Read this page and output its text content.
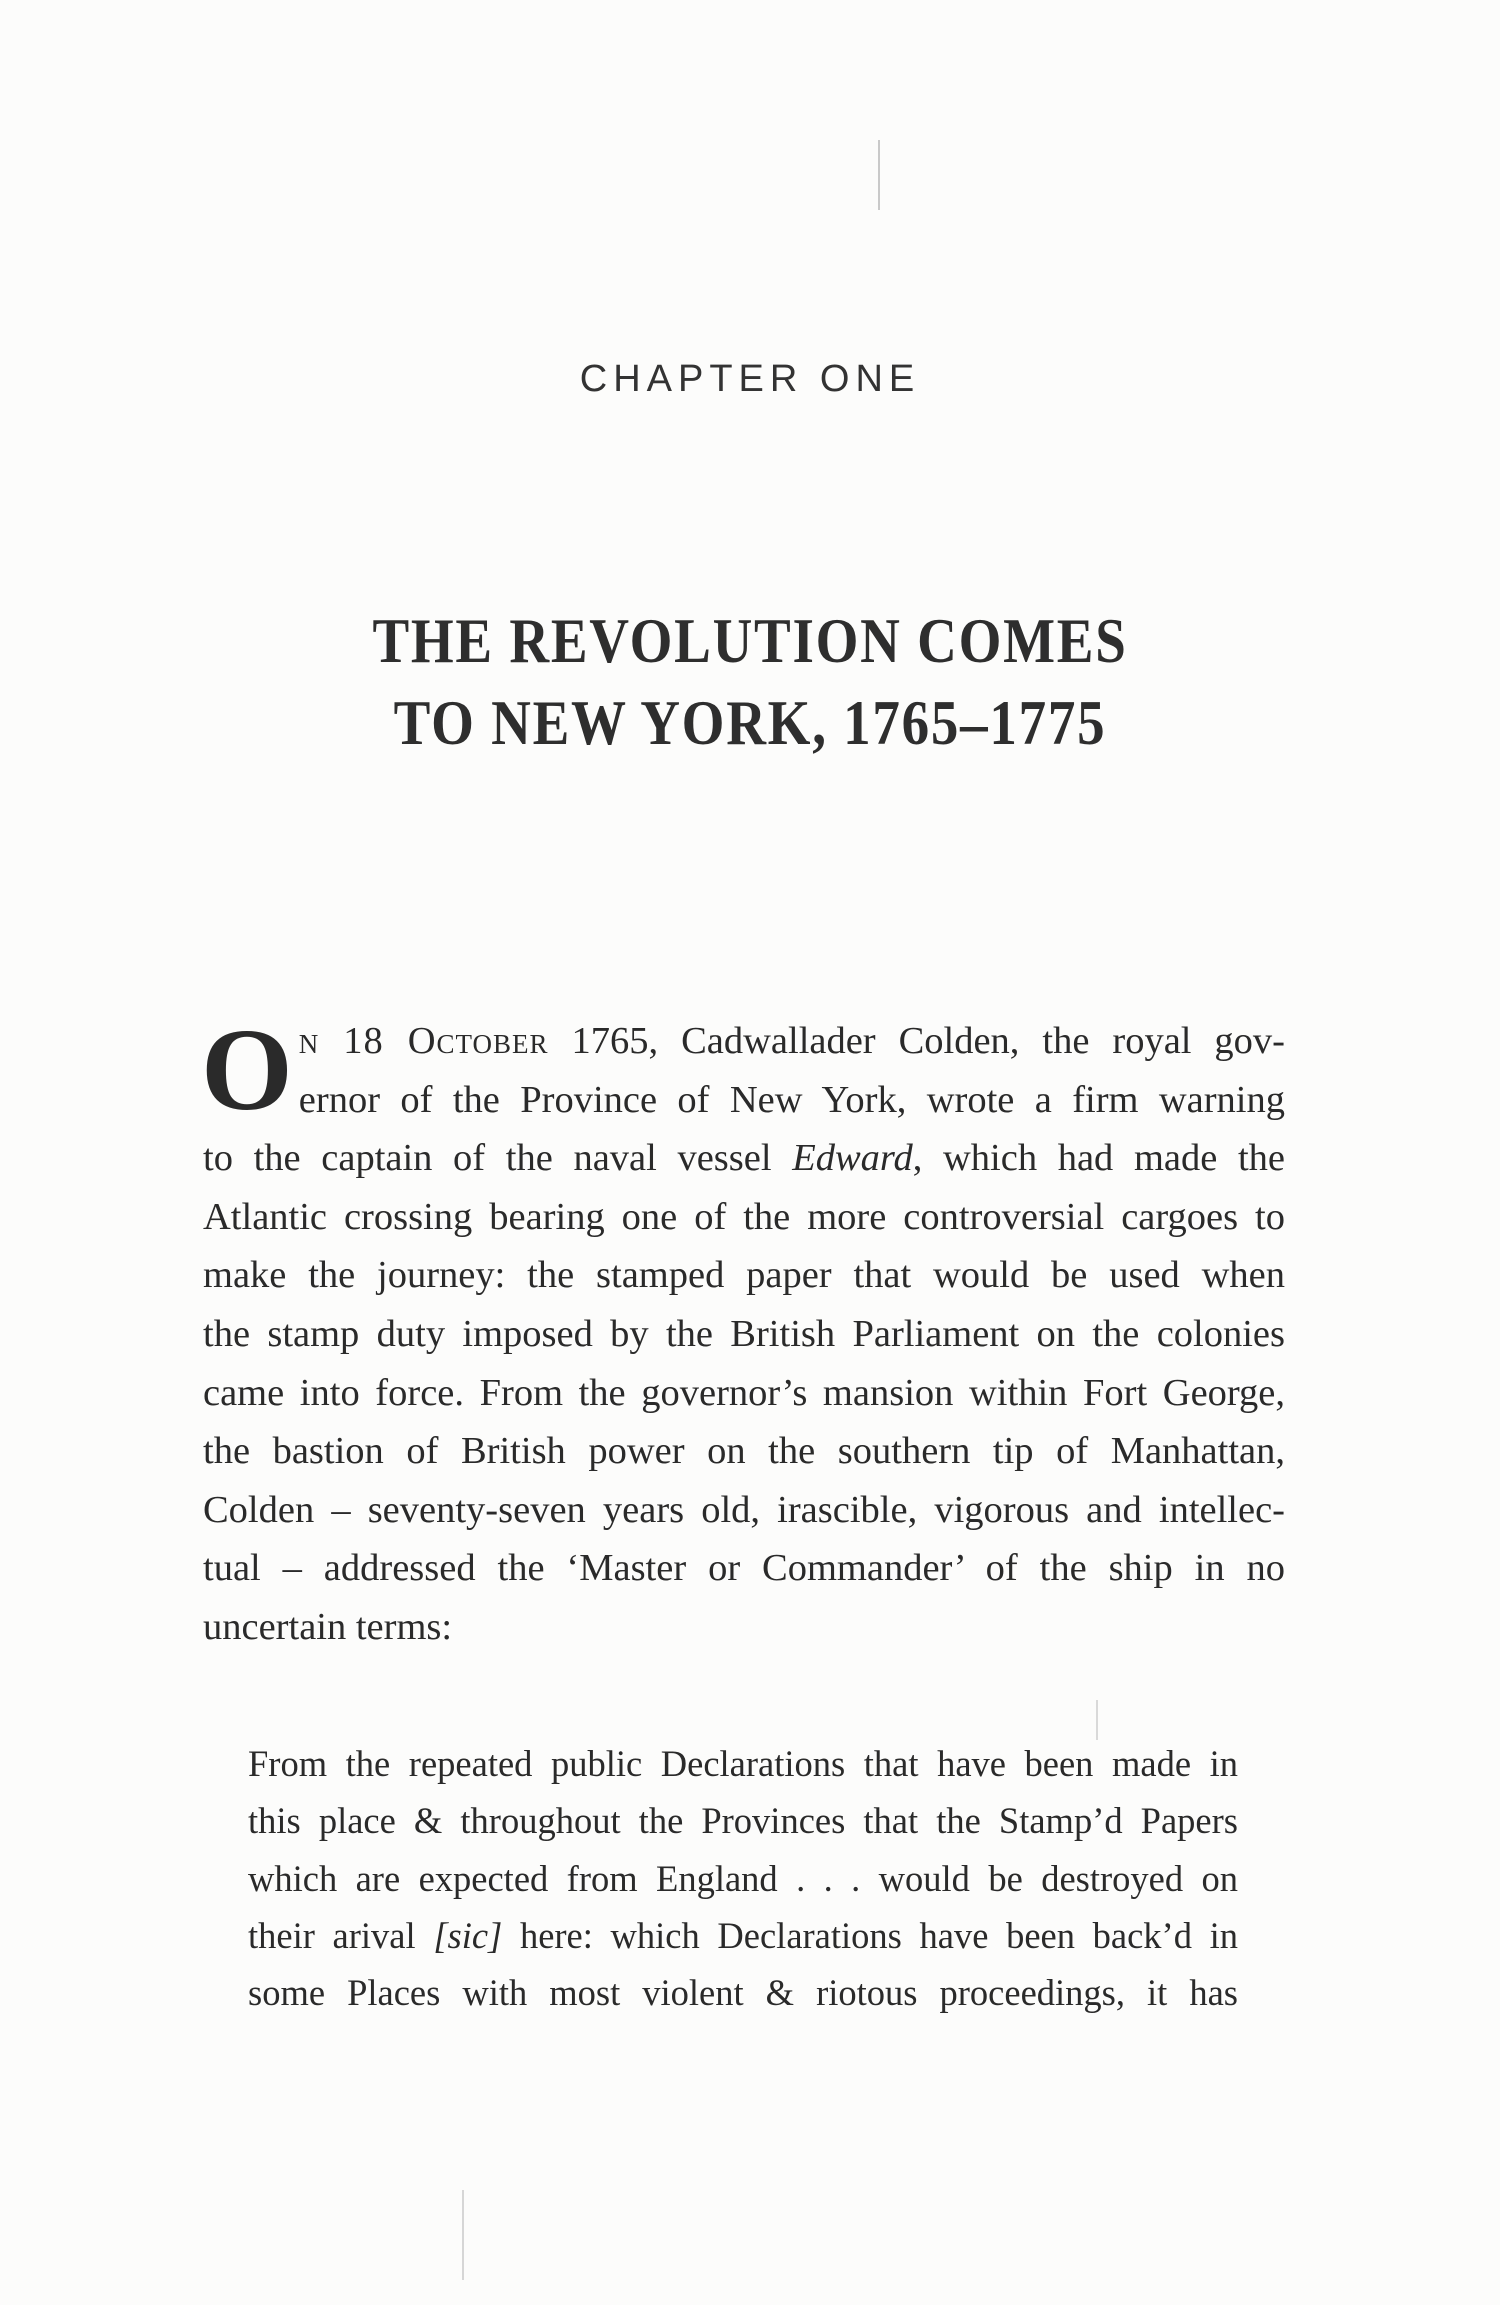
CHAPTER ONE
THE REVOLUTION COMES
TO NEW YORK, 1765–1775
O n 18 October 1765, Cadwallader Colden, the royal gov-
ernor of the Province of New York, wrote a firm warning
to the captain of the naval vessel Edward, which had made the
Atlantic crossing bearing one of the more controversial cargoes to
make the journey: the stamped paper that would be used when
the stamp duty imposed by the British Parliament on the colonies
came into force. From the governor’s mansion within Fort George,
the bastion of British power on the southern tip of Manhattan,
Colden – seventy-seven years old, irascible, vigorous and intellec-
tual – addressed the ‘Master or Commander’ of the ship in no
uncertain terms:
From the repeated public Declarations that have been made in
this place & throughout the Provinces that the Stamp’d Papers
which are expected from England . . . would be destroyed on
their arival [sic] here: which Declarations have been back’d in
some Places with most violent & riotous proceedings, it has
